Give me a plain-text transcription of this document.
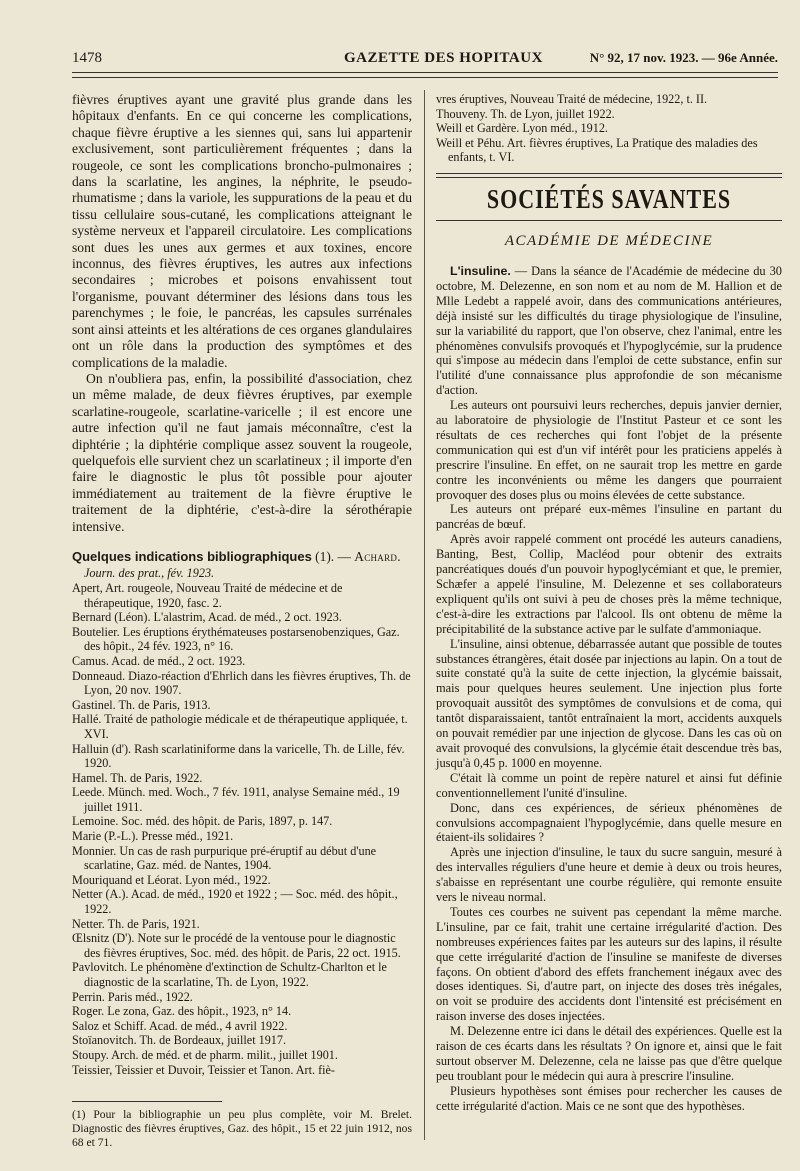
1478	GAZETTE DES HOPITAUX	N° 92, 17 nov. 1923. — 96e Année.

fièvres éruptives ayant une gravité plus grande dans les hôpitaux d'enfants. En ce qui concerne les complications, chaque fièvre éruptive a les siennes qui, sans lui appartenir exclusivement, sont particulièrement fréquentes ; dans la rougeole, ce sont les complications broncho-pulmonaires ; dans la scarlatine, les angines, la néphrite, le pseudo-rhumatisme ; dans la variole, les suppurations de la peau et du tissu cellulaire sous-cutané, les complications atteignant le système nerveux et l'appareil circulatoire. Les complications sont dues les unes aux germes et aux toxines, encore inconnus, des fièvres éruptives, les autres aux infections secondaires ; microbes et poisons envahissent tout l'organisme, pouvant déterminer des lésions dans tous les parenchymes ; le foie, le pancréas, les capsules surrénales sont ainsi atteints et les altérations de ces organes glandulaires ont un rôle dans la production des symptômes et des complications de la maladie.

On n'oubliera pas, enfin, la possibilité d'association, chez un même malade, de deux fièvres éruptives, par exemple scarlatine-rougeole, scarlatine-varicelle ; il est encore une autre infection qu'il ne faut jamais méconnaître, c'est la diphtérie ; la diphtérie complique assez souvent la rougeole, quelquefois elle survient chez un scarlatineux ; il importe d'en faire le diagnostic le plus tôt possible pour ajouter immédiatement au traitement de la fièvre éruptive le traitement de la diphtérie, c'est-à-dire la sérothérapie intensive.

Quelques indications bibliographiques (1). — Achard.
Journ. des prat., fév. 1923.

Apert, Art. rougeole, Nouveau Traité de médecine et de thérapeutique, 1920, fasc. 2.

Bernard (Léon). L'alastrim, Acad. de méd., 2 oct. 1923.

Boutelier. Les éruptions érythémateuses postarsenobenziques, Gaz. des hôpit., 24 fév. 1923, n° 16.

Camus. Acad. de méd., 2 oct. 1923.

Donneaud. Diazo-réaction d'Ehrlich dans les fièvres éruptives, Th. de Lyon, 20 nov. 1907.

Gastinel. Th. de Paris, 1913.

Hallé. Traité de pathologie médicale et de thérapeutique appliquée, t. XVI.

Halluin (d'). Rash scarlatiniforme dans la varicelle, Th. de Lille, fév. 1920.

Hamel. Th. de Paris, 1922.

Leede. Münch. med. Woch., 7 fév. 1911, analyse Semaine méd., 19 juillet 1911.

Lemoine. Soc. méd. des hôpit. de Paris, 1897, p. 147.

Marie (P.-L.). Presse méd., 1921.

Monnier. Un cas de rash purpurique pré-éruptif au début d'une scarlatine, Gaz. méd. de Nantes, 1904.

Mouriquand et Léorat. Lyon méd., 1922.

Netter (A.). Acad. de méd., 1920 et 1922 ; — Soc. méd. des hôpit., 1922.

Netter. Th. de Paris, 1921.

Œlsnitz (D'). Note sur le procédé de la ventouse pour le diagnostic des fièvres éruptives, Soc. méd. des hôpit. de Paris, 22 oct. 1915.

Pavlovitch. Le phénomène d'extinction de Schultz-Charlton et le diagnostic de la scarlatine, Th. de Lyon, 1922.

Perrin. Paris méd., 1922.

Roger. Le zona, Gaz. des hôpit., 1923, n° 14.

Saloz et Schiff. Acad. de méd., 4 avril 1922.

Stoïanovitch. Th. de Bordeaux, juillet 1917.

Stoupy. Arch. de méd. et de pharm. milit., juillet 1901.

Teissier, Teissier et Duvoir, Teissier et Tanon. Art. fiè-

(1) Pour la bibliographie un peu plus complète, voir M. Brelet. Diagnostic des fièvres éruptives, Gaz. des hôpit., 15 et 22 juin 1912, nos 68 et 71.

vres éruptives, Nouveau Traité de médecine, 1922, t. II.

Thouveny. Th. de Lyon, juillet 1922.

Weill et Gardère. Lyon méd., 1912.

Weill et Péhu. Art. fièvres éruptives, La Pratique des maladies des enfants, t. VI.

SOCIÉTÉS SAVANTES
ACADÉMIE DE MÉDECINE

L'insuline. — Dans la séance de l'Académie de médecine du 30 octobre, M. Delezenne, en son nom et au nom de M. Hallion et de Mlle Ledebt a rappelé avoir, dans des communications antérieures, déjà insisté sur les difficultés du tirage physiologique de l'insuline, sur la variabilité du rapport, que l'on observe, chez l'animal, entre les phénomènes convulsifs provoqués et l'hypoglycémie, sur la prudence qui s'impose au médecin dans l'emploi de cette substance, enfin sur l'utilité d'une connaissance plus approfondie de son mécanisme d'action.

Les auteurs ont poursuivi leurs recherches, depuis janvier dernier, au laboratoire de physiologie de l'Institut Pasteur et ce sont les résultats de ces recherches qui font l'objet de la présente communication qui est d'un vif intérêt pour les praticiens appelés à prescrire l'insuline. En effet, on ne saurait trop les mettre en garde contre les inconvénients ou même les dangers que pourraient provoquer des doses plus ou moins élevées de cette substance.

Les auteurs ont préparé eux-mêmes l'insuline en partant du pancréas de bœuf.

Après avoir rappelé comment ont procédé les auteurs canadiens, Banting, Best, Collip, Macléod pour obtenir des extraits pancréatiques doués d'un pouvoir hypoglycémiant et que, le premier, Schæfer a appelé l'insuline, M. Delezenne et ses collaborateurs expliquent qu'ils ont suivi à peu de choses près la même technique, c'est-à-dire les extractions par l'alcool. Ils ont obtenu de même la précipitabilité de la substance active par le sulfate d'ammoniaque.

L'insuline, ainsi obtenue, débarrassée autant que possible de toutes substances étrangères, était dosée par injections au lapin. On a tout de suite constaté qu'à la suite de cette injection, la glycémie baissait, mais pour quelques heures seulement. Une injection plus forte provoquait aussitôt des symptômes de convulsions et de coma, qui tantôt disparaissaient, tantôt entraînaient la mort, accidents auxquels on pouvait remédier par une injection de glycose. Dans les cas où on avait provoqué des convulsions, la glycémie était descendue très bas, jusqu'à 0,45 p. 1000 en moyenne.

C'était là comme un point de repère naturel et ainsi fut définie conventionnellement l'unité d'insuline.

Donc, dans ces expériences, de sérieux phénomènes de convulsions accompagnaient l'hypoglycémie, dans quelle mesure en étaient-ils solidaires ?

Après une injection d'insuline, le taux du sucre sanguin, mesuré à des intervalles réguliers d'une heure et demie à deux ou trois heures, s'abaisse en représentant une courbe régulière, qui remonte ensuite vers le niveau normal.

Toutes ces courbes ne suivent pas cependant la même marche. L'insuline, par ce fait, trahit une certaine irrégularité d'action. Des nombreuses expériences faites par les auteurs sur des lapins, il résulte que cette irrégularité d'action de l'insuline se manifeste de diverses façons. On obtient d'abord des effets franchement inégaux avec des doses identiques. Si, d'autre part, on injecte des doses très inégales, on voit se produire des accidents dont l'intensité est précisément en raison inverse des doses injectées.

M. Delezenne entre ici dans le détail des expériences. Quelle est la raison de ces écarts dans les résultats ? On ignore et, ainsi que le fait surtout observer M. Delezenne, cela ne laisse pas que d'être quelque peu troublant pour le médecin qui aura à prescrire l'insuline.

Plusieurs hypothèses sont émises pour rechercher les causes de cette irrégularité d'action. Mais ce ne sont que des hypothèses.
